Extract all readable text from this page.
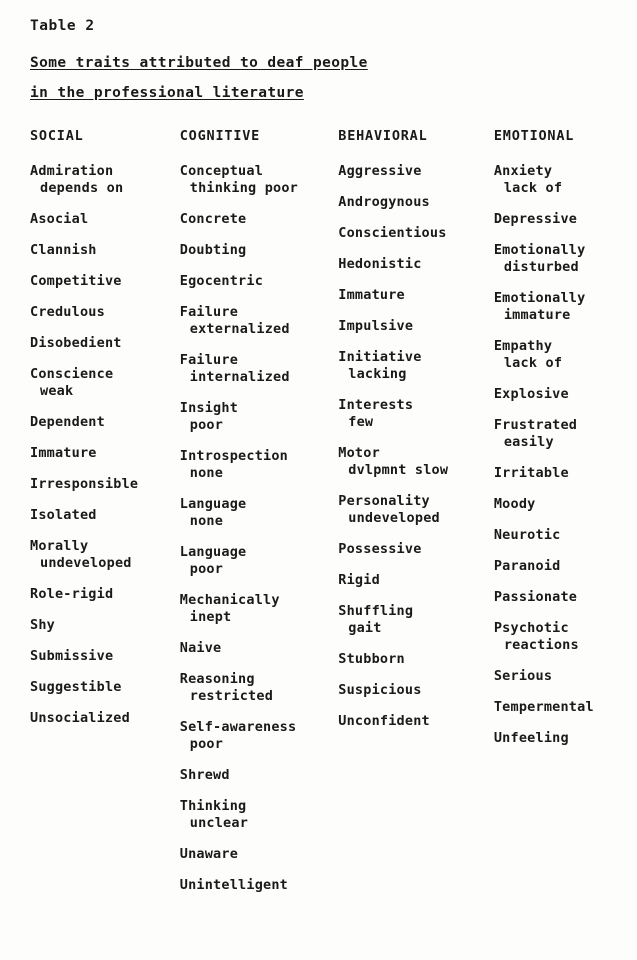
Table 2
Some traits attributed to deaf people
in the professional literature
SOCIAL
Admiration
depends on
Asocial
Clannish
Competitive
Credulous
Disobedient
Conscience
weak
Dependent
Immature
Irresponsible
Isolated
Morally
undeveloped
Role-rigid
Shy
Submissive
Suggestible
Unsocialized
COGNITIVE
Conceptual
thinking poor
Concrete
Doubting
Egocentric
Failure
externalized
Failure
internalized
Insight
poor
Introspection
none
Language
none
Language
poor
Mechanically
inept
Naive
Reasoning
restricted
Self-awareness
poor
Shrewd
Thinking
unclear
Unaware
Unintelligent
BEHAVIORAL
Aggressive
Androgynous
Conscientious
Hedonistic
Immature
Impulsive
Initiative
lacking
Interests
few
Motor
dvlpmnt slow
Personality
undeveloped
Possessive
Rigid
Shuffling
gait
Stubborn
Suspicious
Unconfident
EMOTIONAL
Anxiety
lack of
Depressive
Emotionally
disturbed
Emotionally
immature
Empathy
lack of
Explosive
Frustrated
easily
Irritable
Moody
Neurotic
Paranoid
Passionate
Psychotic
reactions
Serious
Tempermental
Unfeeling
